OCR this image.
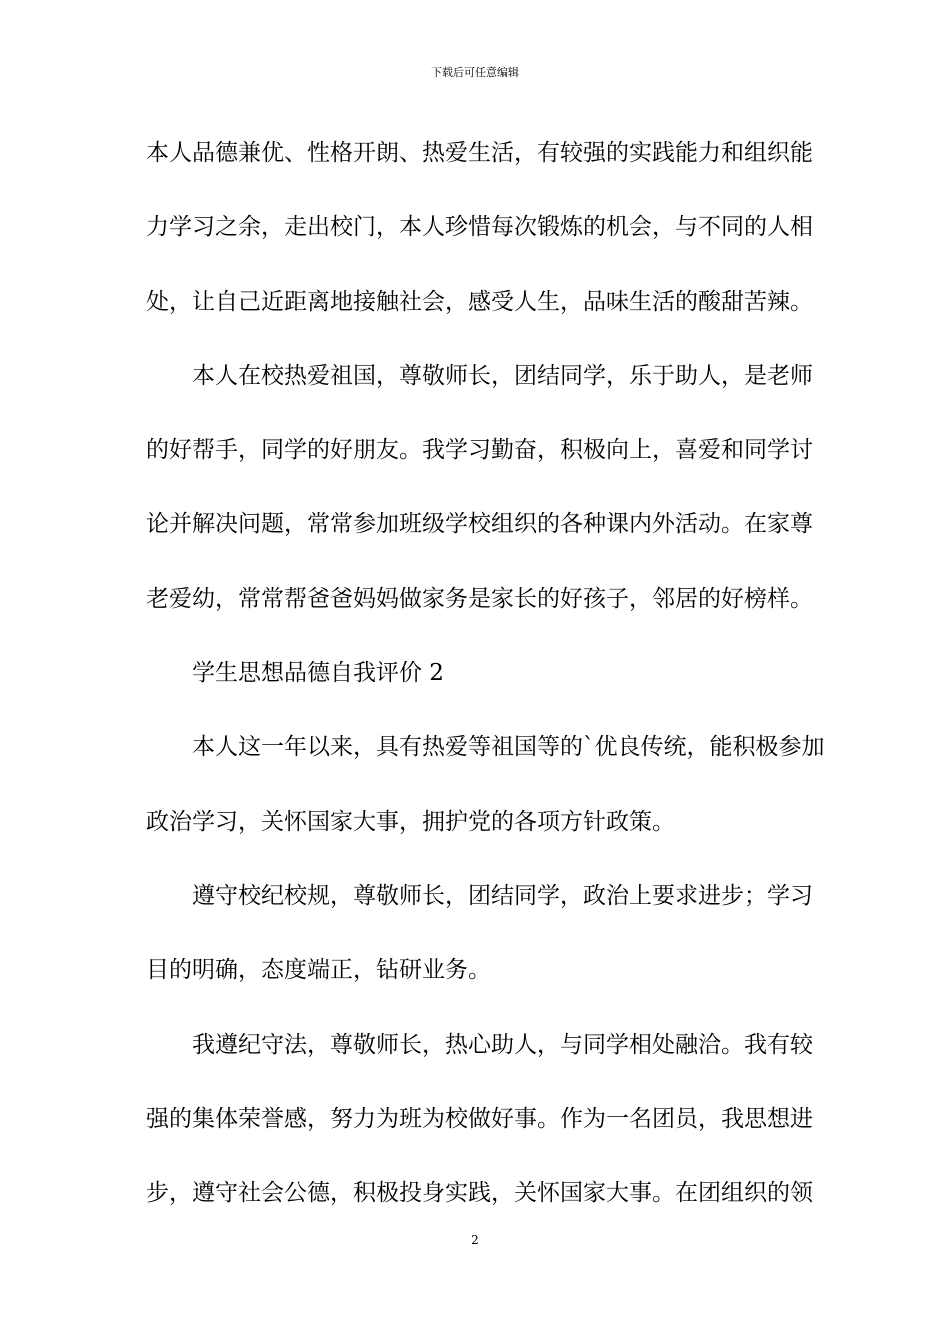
下载后可任意编辑
本人品德兼优、性格开朗、热爱生活，有较强的实践能力和组织能
力学习之余，走出校门，本人珍惜每次锻炼的机会，与不同的人相
处，让自己近距离地接触社会，感受人生，品味生活的酸甜苦辣。
本人在校热爱祖国，尊敬师长，团结同学，乐于助人，是老师
的好帮手，同学的好朋友。我学习勤奋，积极向上，喜爱和同学讨
论并解决问题，常常参加班级学校组织的各种课内外活动。在家尊
老爱幼，常常帮爸爸妈妈做家务是家长的好孩子，邻居的好榜样。
学生思想品德自我评价 2
本人这一年以来，具有热爱等祖国等的`优良传统，能积极参加
政治学习，关怀国家大事，拥护党的各项方针政策。
遵守校纪校规，尊敬师长，团结同学，政治上要求进步；学习
目的明确，态度端正，钻研业务。
我遵纪守法，尊敬师长，热心助人，与同学相处融洽。我有较
强的集体荣誉感，努力为班为校做好事。作为一名团员，我思想进
步，遵守社会公德，积极投身实践，关怀国家大事。在团组织的领
2
